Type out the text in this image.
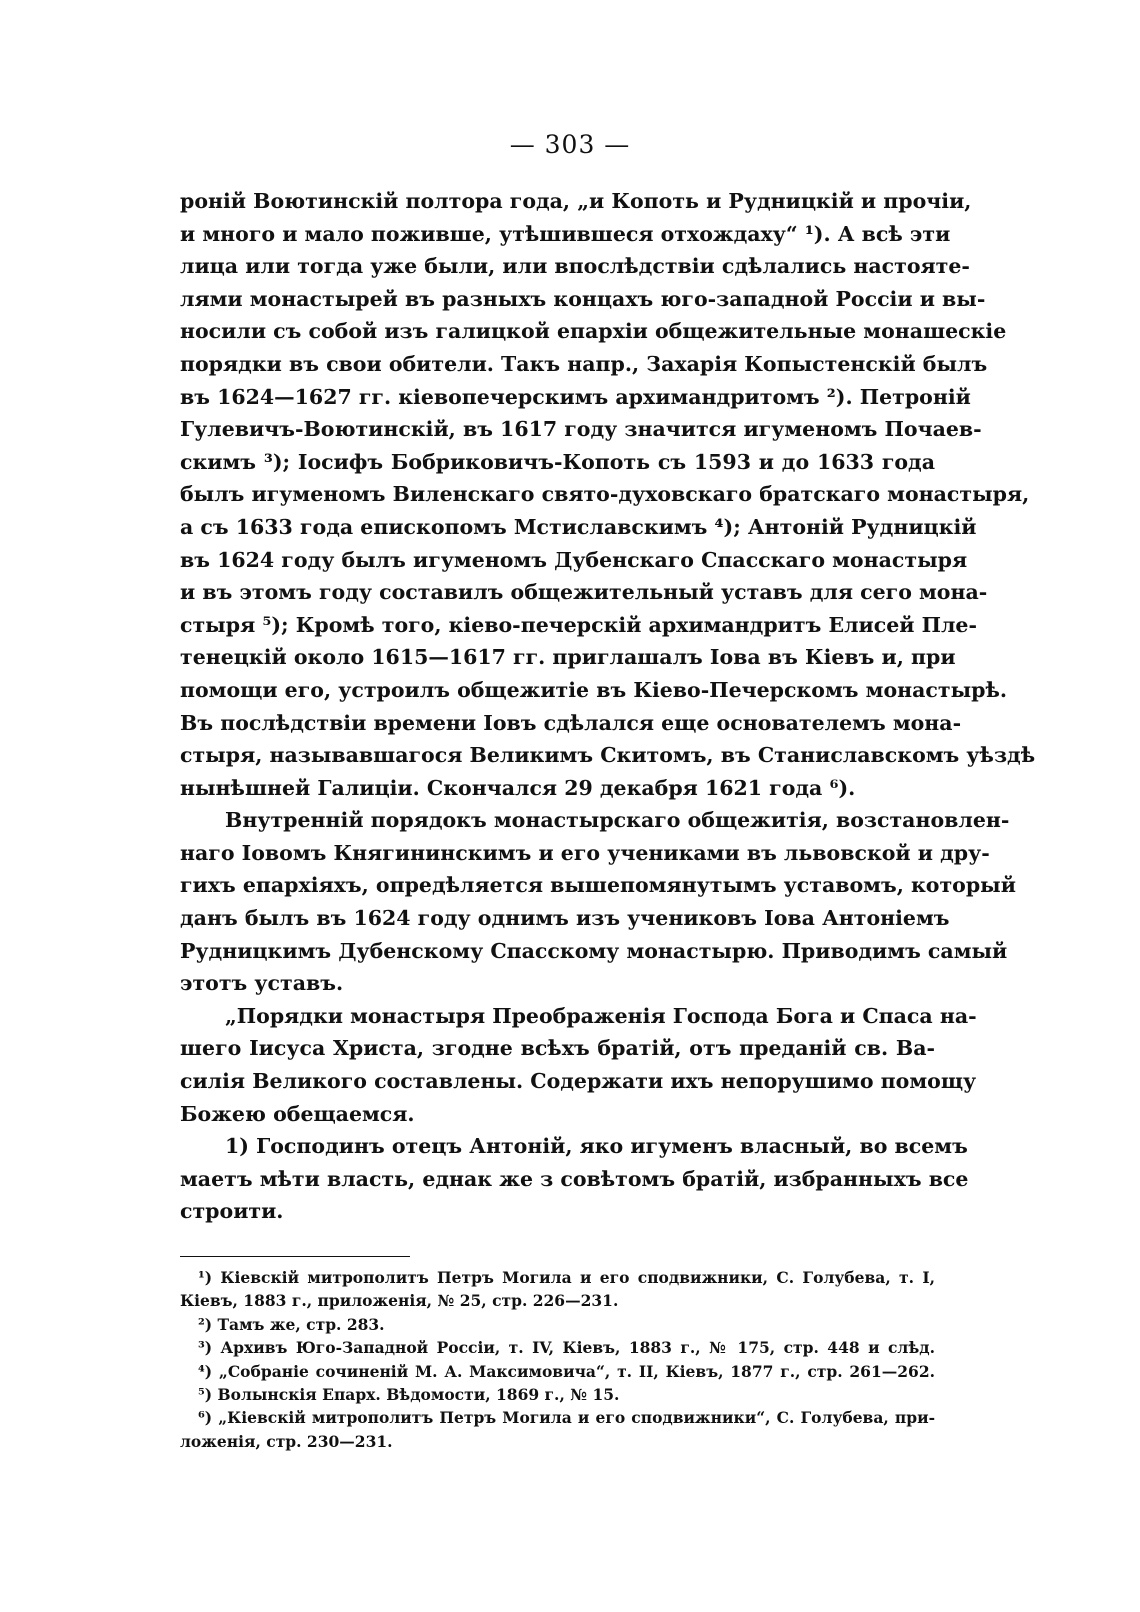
— 303 —
роній Воютинскій полтора года, „и Копоть и Рудницкій и прочіи,
и много и мало поживше, утѣшившеся отхождаху“ ¹). А всѣ эти
лица или тогда уже были, или впослѣдствіи сдѣлались настояте-
лями монастырей въ разныхъ концахъ юго-западной Россіи и вы-
носили съ собой изъ галицкой епархіи общежительные монашескіе
порядки въ свои обители. Такъ напр., Захарія Копыстенскій былъ
въ 1624—1627 гг. кіевопечерскимъ архимандритомъ ²). Петроній
Гулевичъ-Воютинскій, въ 1617 году значится игуменомъ Почаев-
скимъ ³); Іосифъ Бобриковичъ-Копоть съ 1593 и до 1633 года
былъ игуменомъ Виленскаго свято-духовскаго братскаго монастыря,
а съ 1633 года епископомъ Мстиславскимъ ⁴); Антоній Рудницкій
въ 1624 году былъ игуменомъ Дубенскаго Спасскаго монастыря
и въ этомъ году составилъ общежительный уставъ для сего мона-
стыря ⁵); Кромѣ того, кіево-печерскій архимандритъ Елисей Пле-
тенецкій около 1615—1617 гг. приглашалъ Іова въ Кіевъ и, при
помощи его, устроилъ общежитіе въ Кіево-Печерскомъ монастырѣ.
Въ послѣдствіи времени Іовъ сдѣлался еще основателемъ мона-
стыря, называвшагося Великимъ Скитомъ, въ Станиславскомъ уѣздѣ
нынѣшней Галиціи. Скончался 29 декабря 1621 года ⁶).
Внутренній порядокъ монастырскаго общежитія, возстановлен-
наго Іовомъ Княгининскимъ и его учениками въ львовской и дру-
гихъ епархіяхъ, опредѣляется вышепомянутымъ уставомъ, который
данъ былъ въ 1624 году однимъ изъ учениковъ Іова Антоніемъ
Рудницкимъ Дубенскому Спасскому монастырю. Приводимъ самый
этотъ уставъ.
„Порядки монастыря Преображенія Господа Бога и Спаса на-
шего Іисуса Христа, згодне всѣхъ братій, отъ преданій св. Ва-
силія Великого составлены. Содержати ихъ непорушимо помощу
Божею обещаемся.
1) Господинъ отецъ Антоній, яко игуменъ власный, во всемъ
маетъ мѣти власть, еднак же з совѣтомъ братій, избранныхъ все
строити.
¹) Кіевскій митрополитъ Петръ Могила и его сподвижники, С. Голубева, т. I,
Кіевъ, 1883 г., приложенія, № 25, стр. 226—231.
²) Тамъ же, стр. 283.
³) Архивъ Юго-Западной Россіи, т. IV, Кіевъ, 1883 г., № 175, стр. 448 и слѣд.
⁴) „Собраніе сочиненій М. А. Максимовича“, т. II, Кіевъ, 1877 г., стр. 261—262.
⁵) Волынскія Епарх. Вѣдомости, 1869 г., № 15.
⁶) „Кіевскій митрополитъ Петръ Могила и его сподвижники“, С. Голубева, при-
ложенія, стр. 230—231.
